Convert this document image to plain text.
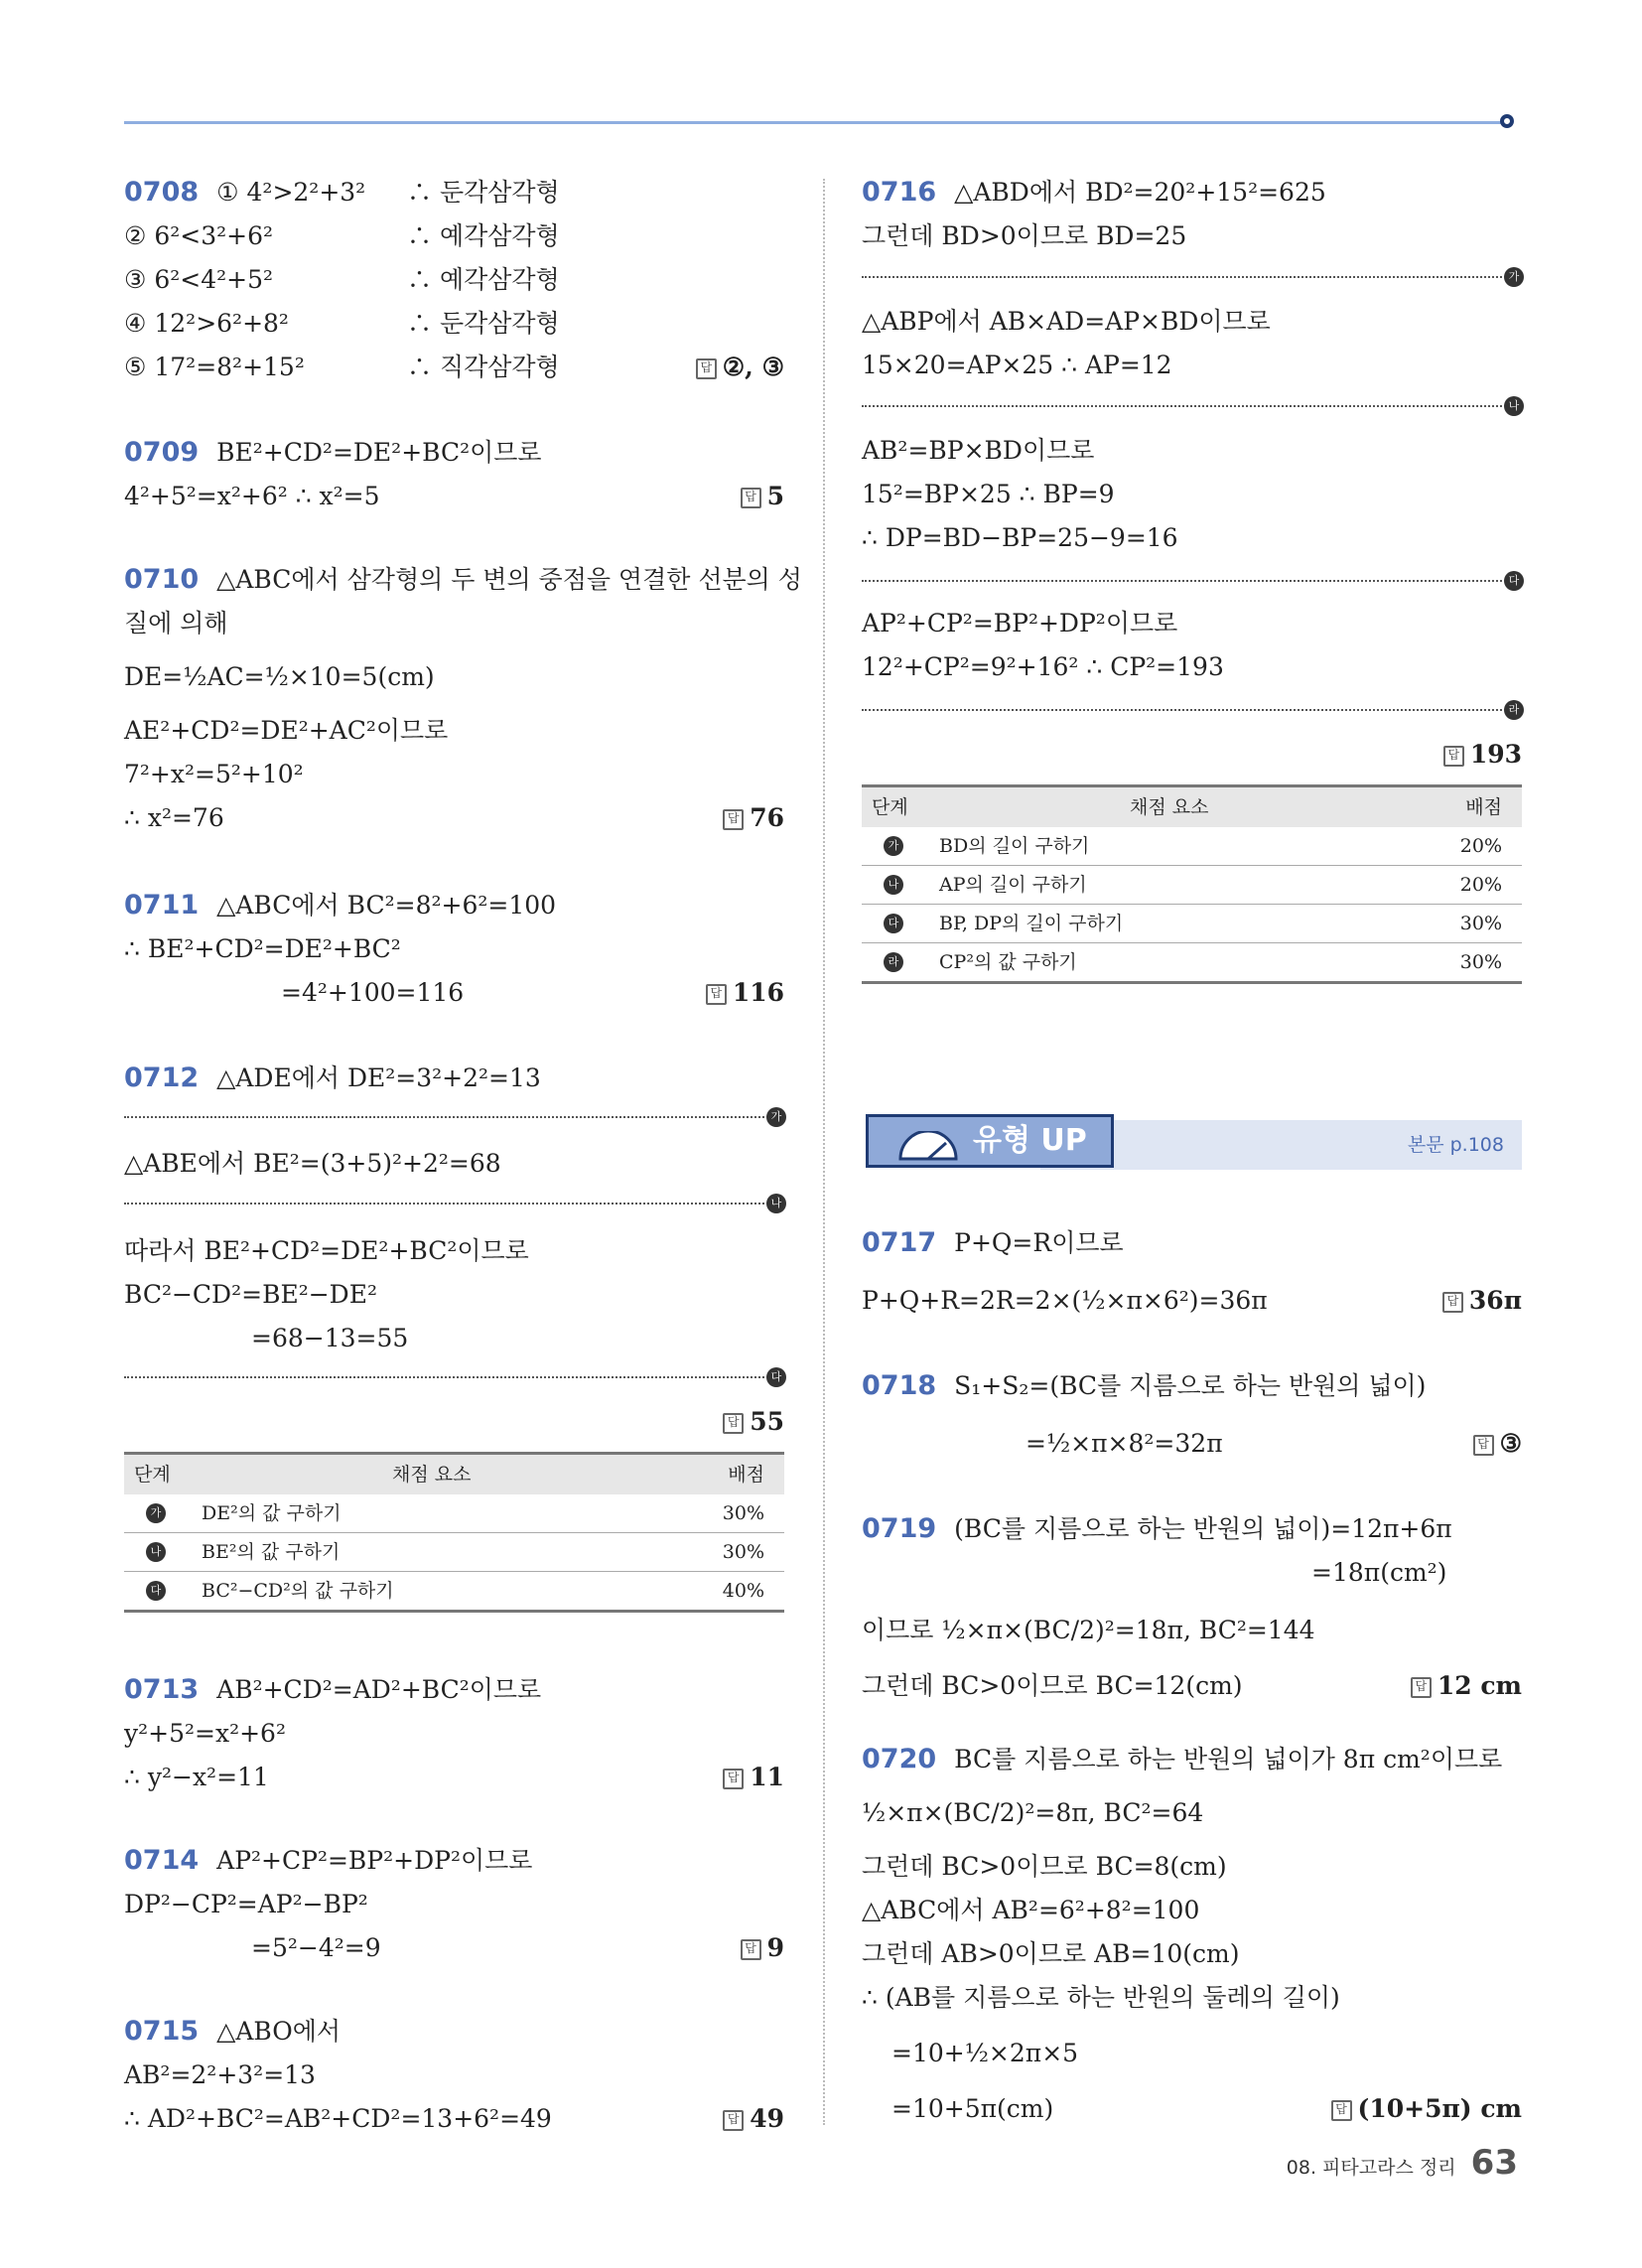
0708 ① 4²>2²+3² ∴ 둔각삼각형
② 6²<3²+6²	∴ 예각삼각형
③ 6²<4²+5²	∴ 예각삼각형
④ 12²>6²+8²	∴ 둔각삼각형
⑤ 17²=8²+15²	∴ 직각삼각형	답 ②, ③
0709 BE²+CD²=DE²+BC²이므로
4²+5²=x²+6² ∴ x²=5	답 5
0710 △ABC에서 삼각형의 두 변의 중점을 연결한 선분의 성
질에 의해
DE=½AC=½×10=5(cm)
AE²+CD²=DE²+AC²이므로
7²+x²=5²+10²
∴ x²=76	답 76
0711 △ABC에서 BC²=8²+6²=100
∴ BE²+CD²=DE²+BC²
=4²+100=116	답 116
0712 △ADE에서 DE²=3²+2²=13
가
△ABE에서 BE²=(3+5)²+2²=68
나
따라서 BE²+CD²=DE²+BC²이므로
BC²−CD²=BE²−DE²
=68−13=55
다
답 55
단계	채점 요소	배점
가 DE²의 값 구하기	30%
나 BE²의 값 구하기	30%
다 BC²−CD²의 값 구하기	40%
0713 AB²+CD²=AD²+BC²이므로
y²+5²=x²+6²
∴ y²−x²=11	답 11
0714 AP²+CP²=BP²+DP²이므로
DP²−CP²=AP²−BP²
=5²−4²=9	답 9
0715 △ABO에서
AB²=2²+3²=13
∴ AD²+BC²=AB²+CD²=13+6²=49	답 49
0716 △ABD에서 BD²=20²+15²=625
그런데 BD>0이므로 BD=25
가
△ABP에서 AB×AD=AP×BD이므로
15×20=AP×25 ∴ AP=12
나
AB²=BP×BD이므로
15²=BP×25 ∴ BP=9
∴ DP=BD−BP=25−9=16
다
AP²+CP²=BP²+DP²이므로
12²+CP²=9²+16² ∴ CP²=193
라
답 193
단계	채점 요소	배점
가 BD의 길이 구하기	20%
나 AP의 길이 구하기	20%
다 BP, DP의 길이 구하기	30%
라 CP²의 값 구하기	30%
유형 UP	본문 p.108
0717 P+Q=R이므로
P+Q+R=2R=2×(½×π×6²)=36π	답 36π
0718 S₁+S₂=(BC를 지름으로 하는 반원의 넓이)
=½×π×8²=32π	답 ③
0719 (BC를 지름으로 하는 반원의 넓이)=12π+6π
=18π(cm²)
이므로 ½×π×(BC/2)²=18π, BC²=144
그런데 BC>0이므로 BC=12(cm)	답 12 cm
0720 BC를 지름으로 하는 반원의 넓이가 8π cm²이므로
½×π×(BC/2)²=8π, BC²=64
그런데 BC>0이므로 BC=8(cm)
△ABC에서 AB²=6²+8²=100
그런데 AB>0이므로 AB=10(cm)
∴ (AB를 지름으로 하는 반원의 둘레의 길이)
=10+½×2π×5
=10+5π(cm)	답 (10+5π) cm
08. 피타고라스 정리 63
